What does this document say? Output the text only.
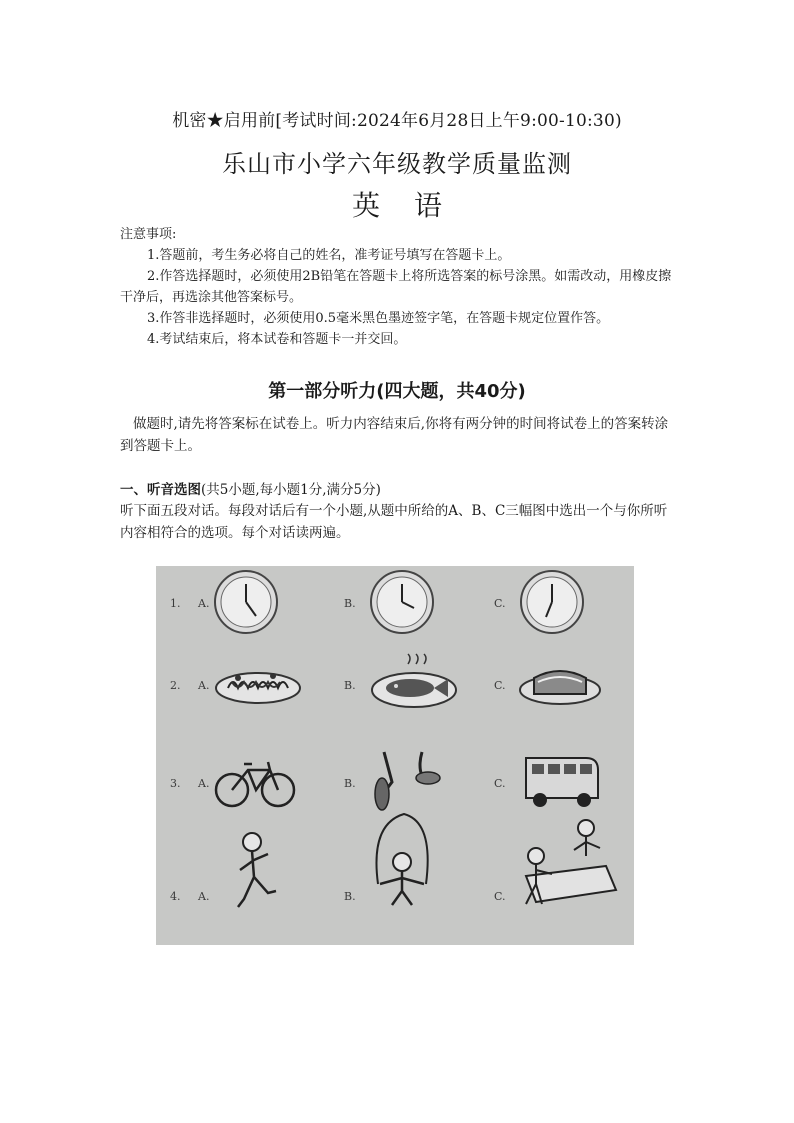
机密★启用前[考试时间:2024年6月28日上午9:00-10:30)
乐山市小学六年级教学质量监测
英语
注意事项:
1.答题前，考生务必将自己的姓名，准考证号填写在答题卡上。
2.作答选择题时，必须使用2B铅笔在答题卡上将所选答案的标号涂黑。如需改动，用橡皮擦干净后，再选涂其他答案标号。
3.作答非选择题时，必须使用0.5毫米黑色墨迹签字笔，在答题卡规定位置作答。
4.考试结束后，将本试卷和答题卡一并交回。
第一部分听力(四大题，共40分)
做题时,请先将答案标在试卷上。听力内容结束后,你将有两分钟的时间将试卷上的答案转涂到答题卡上。
一、听音选图(共5小题,每小题1分,满分5分)
听下面五段对话。每段对话后有一个小题,从题中所给的A、B、C三幅图中选出一个与你所听内容相符合的选项。每个对话读两遍。
1. A.	B.	C.
2. A.	B.	C.
3. A.	B.	C.
4. A.	B.	C.
